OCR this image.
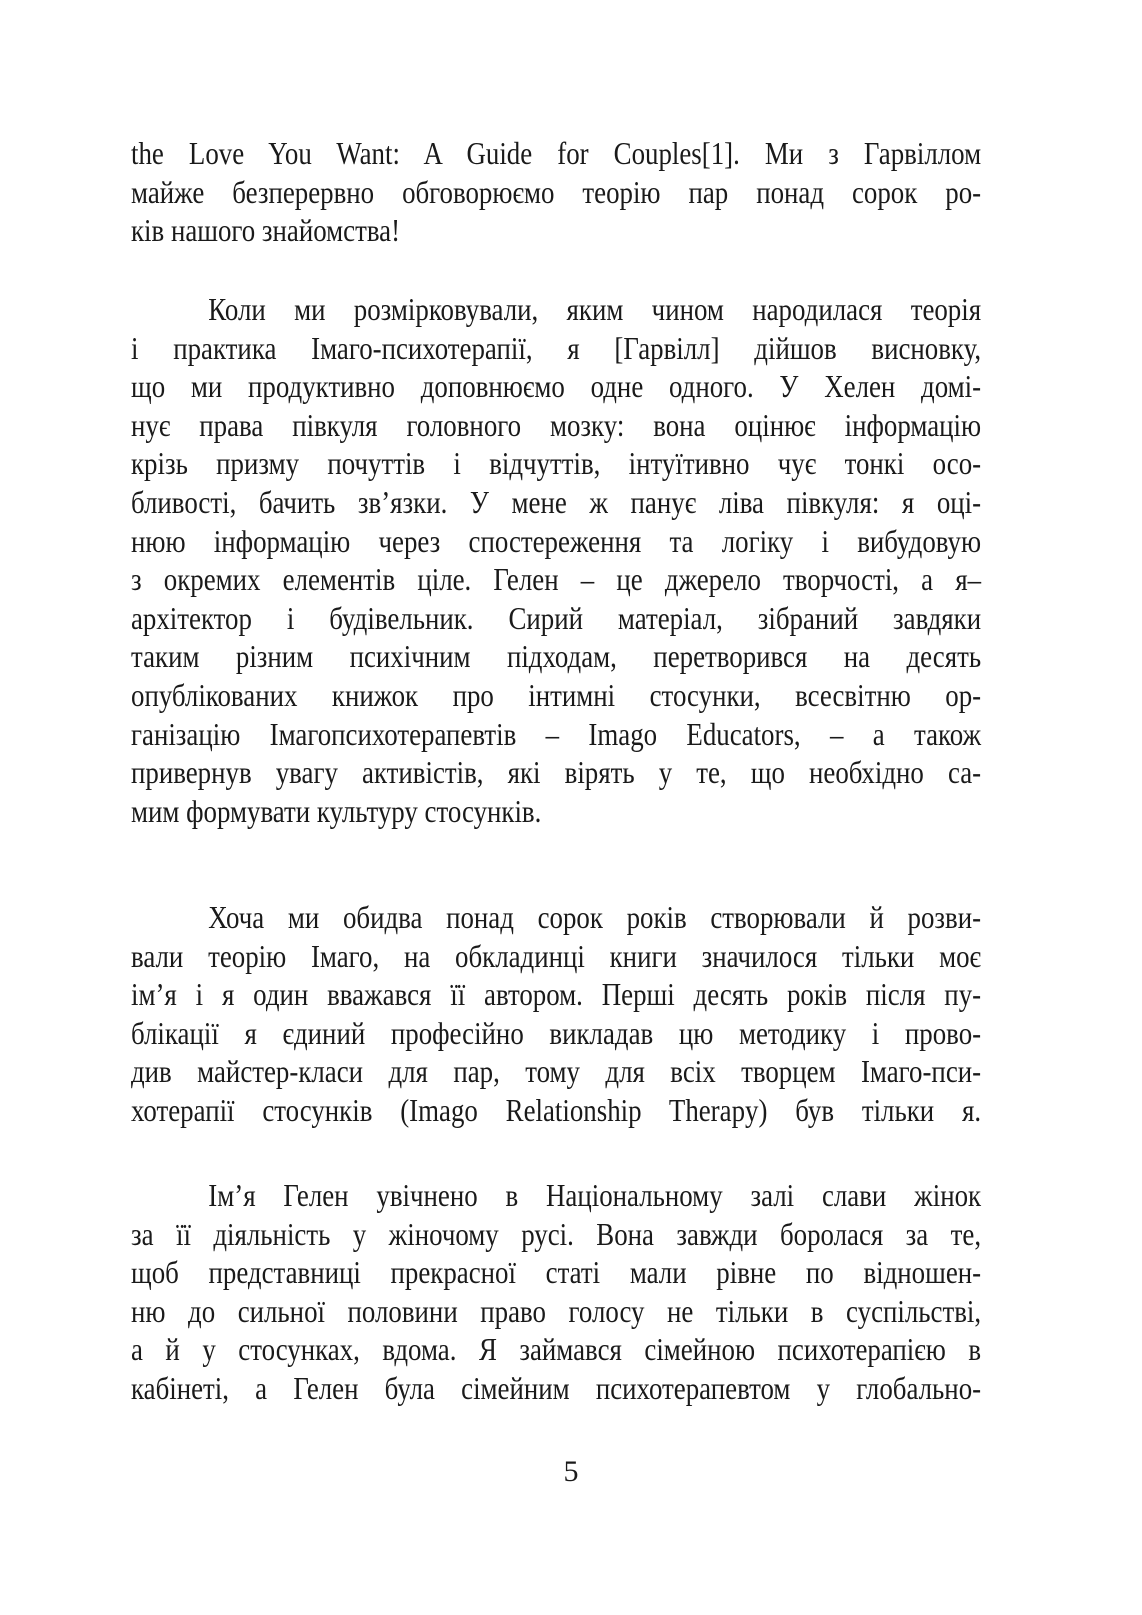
the Love You Want: A Guide for Couples[1]. Ми з Гарвіллом
майже безперервно обговорюємо теорію пар понад сорок ро-
ків нашого знайомства!
Коли ми розмірковували, яким чином народилася теорія
і практика Імаго-психотерапії, я [Гарвілл] дійшов висновку,
що ми продуктивно доповнюємо одне одного. У Хелен домі-
нує права півкуля головного мозку: вона оцінює інформацію
крізь призму почуттів і відчуттів, інтуїтивно чує тонкі осо-
бливості, бачить зв’язки. У мене ж панує ліва півкуля: я оці-
нюю інформацію через спостереження та логіку і вибудовую
з окремих елементів ціле. Гелен – це джерело творчості, а я–
архітектор і будівельник. Сирий матеріал, зібраний завдяки
таким різним психічним підходам, перетворився на десять
опублікованих книжок про інтимні стосунки, всесвітню ор-
ганізацію Імагопсихотерапевтів – Imago Educators, – а також
привернув увагу активістів, які вірять у те, що необхідно са-
мим формувати культуру стосунків.
Хоча ми обидва понад сорок років створювали й розви-
вали теорію Імаго, на обкладинці книги значилося тільки моє
ім’я і я один вважався її автором. Перші десять років після пу-
блікації я єдиний професійно викладав цю методику і прово-
див майстер-класи для пар, тому для всіх творцем Імаго-пси-
хотерапії стосунків (Imago Relationship Therapy) був тільки я.
Ім’я Гелен увічнено в Національному залі слави жінок
за її діяльність у жіночому русі. Вона завжди боролася за те,
щоб представниці прекрасної статі мали рівне по відношен-
ню до сильної половини право голосу не тільки в суспільстві,
а й у стосунках, вдома. Я займався сімейною психотерапією в
кабінеті, а Гелен була сімейним психотерапевтом у глобально-
5
